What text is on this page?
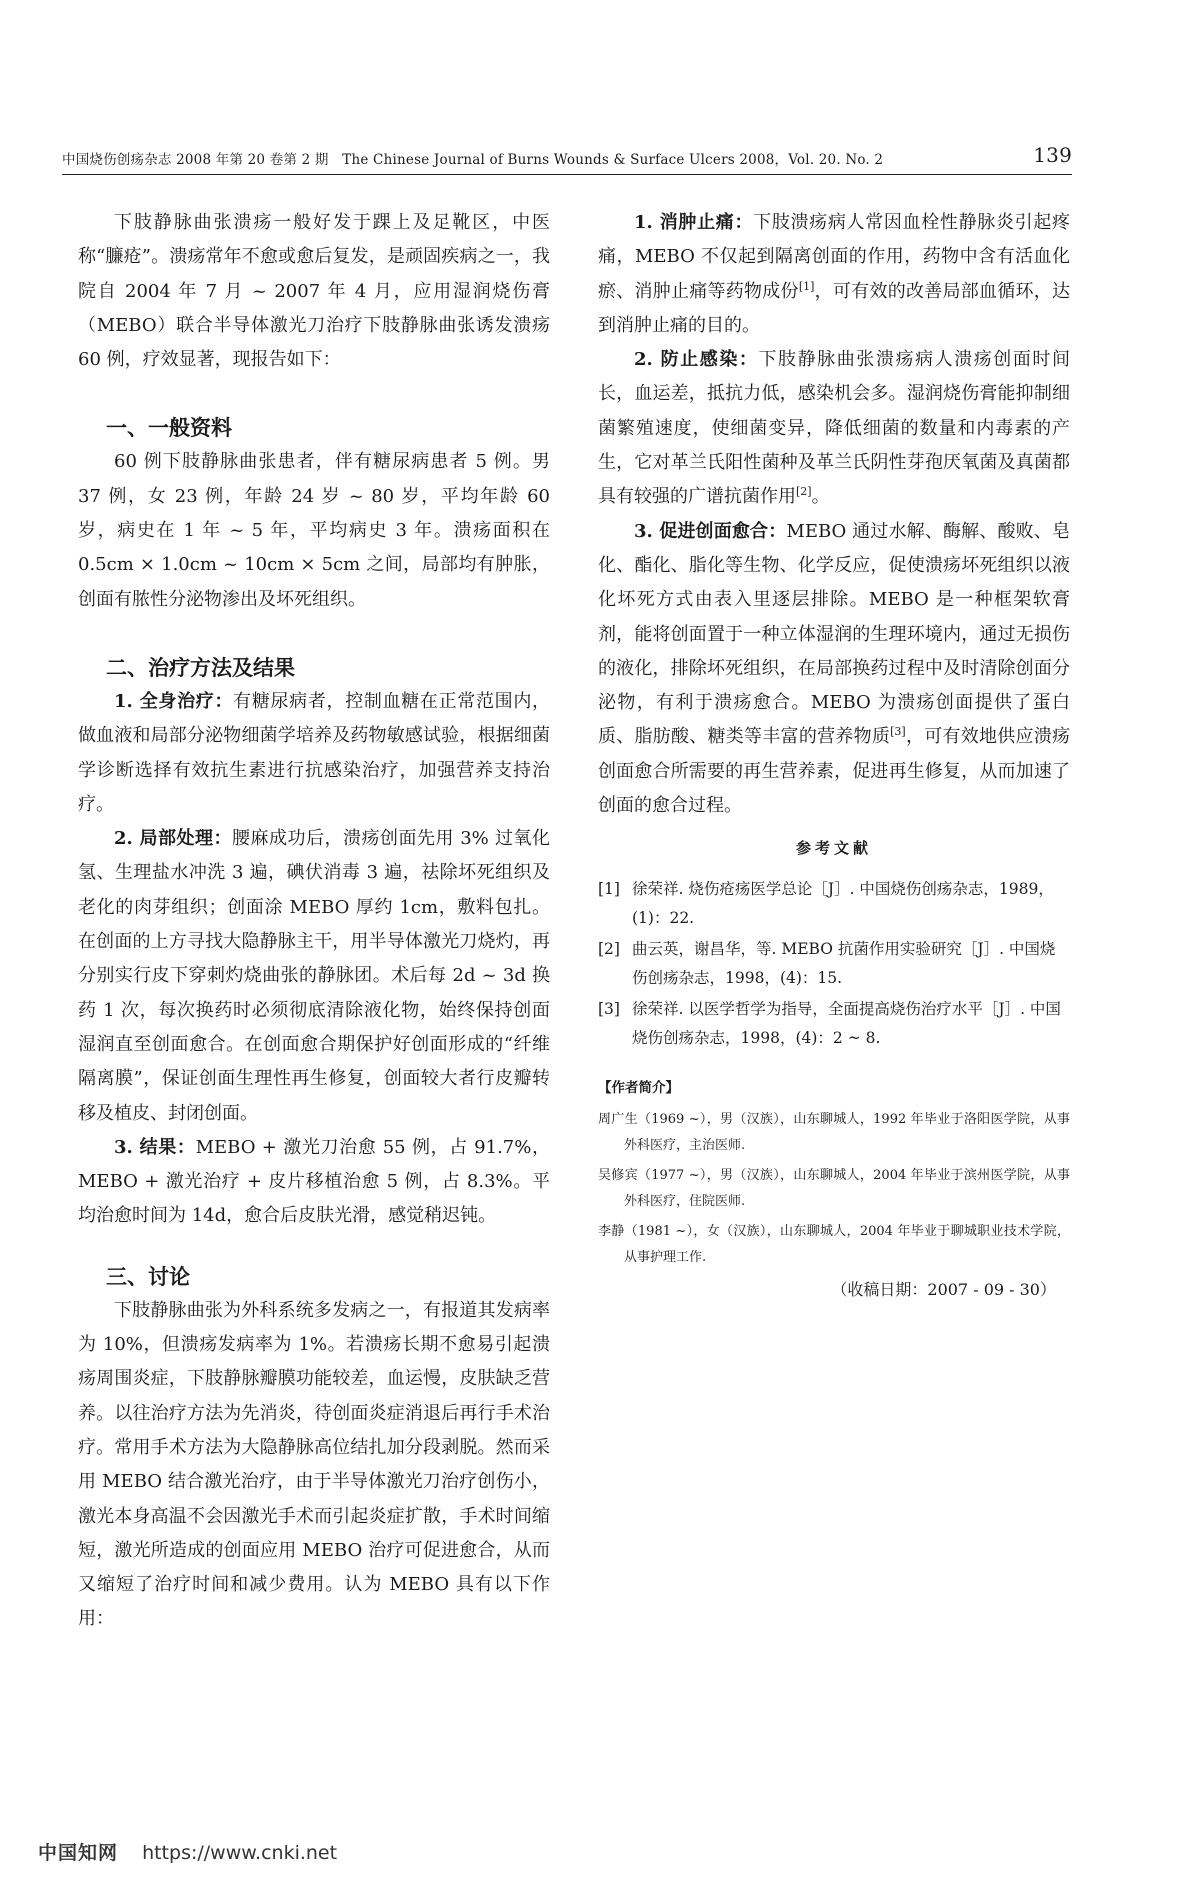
中国烧伤创疡杂志 2008 年第 20 卷第 2 期　The Chinese Journal of Burns Wounds & Surface Ulcers 2008，Vol. 20. No. 2	139

下肢静脉曲张溃疡一般好发于踝上及足靴区，中医称“臁疮”。溃疡常年不愈或愈后复发，是顽固疾病之一，我院自 2004 年 7 月 ~ 2007 年 4 月，应用湿润烧伤膏（MEBO）联合半导体激光刀治疗下肢静脉曲张诱发溃疡 60 例，疗效显著，现报告如下：

一、一般资料

60 例下肢静脉曲张患者，伴有糖尿病患者 5 例。男 37 例，女 23 例，年龄 24 岁 ~ 80 岁，平均年龄 60 岁，病史在 1 年 ~ 5 年，平均病史 3 年。溃疡面积在 0.5cm × 1.0cm ~ 10cm × 5cm 之间，局部均有肿胀，创面有脓性分泌物渗出及坏死组织。

二、治疗方法及结果

1. 全身治疗：有糖尿病者，控制血糖在正常范围内，做血液和局部分泌物细菌学培养及药物敏感试验，根据细菌学诊断选择有效抗生素进行抗感染治疗，加强营养支持治疗。

2. 局部处理：腰麻成功后，溃疡创面先用 3% 过氧化氢、生理盐水冲洗 3 遍，碘伏消毒 3 遍，祛除坏死组织及老化的肉芽组织；创面涂 MEBO 厚约 1cm，敷料包扎。在创面的上方寻找大隐静脉主干，用半导体激光刀烧灼，再分别实行皮下穿刺灼烧曲张的静脉团。术后每 2d ~ 3d 换药 1 次，每次换药时必须彻底清除液化物，始终保持创面湿润直至创面愈合。在创面愈合期保护好创面形成的“纤维隔离膜”，保证创面生理性再生修复，创面较大者行皮瓣转移及植皮、封闭创面。

3. 结果：MEBO + 激光刀治愈 55 例，占 91.7%，MEBO + 激光治疗 + 皮片移植治愈 5 例，占 8.3%。平均治愈时间为 14d，愈合后皮肤光滑，感觉稍迟钝。

三、讨论

下肢静脉曲张为外科系统多发病之一，有报道其发病率为 10%，但溃疡发病率为 1%。若溃疡长期不愈易引起溃疡周围炎症，下肢静脉瓣膜功能较差，血运慢，皮肤缺乏营养。以往治疗方法为先消炎，待创面炎症消退后再行手术治疗。常用手术方法为大隐静脉高位结扎加分段剥脱。然而采用 MEBO 结合激光治疗，由于半导体激光刀治疗创伤小，激光本身高温不会因激光手术而引起炎症扩散，手术时间缩短，激光所造成的创面应用 MEBO 治疗可促进愈合，从而又缩短了治疗时间和减少费用。认为 MEBO 具有以下作用：

1. 消肿止痛：下肢溃疡病人常因血栓性静脉炎引起疼痛，MEBO 不仅起到隔离创面的作用，药物中含有活血化瘀、消肿止痛等药物成份[1]，可有效的改善局部血循环，达到消肿止痛的目的。

2. 防止感染：下肢静脉曲张溃疡病人溃疡创面时间长，血运差，抵抗力低，感染机会多。湿润烧伤膏能抑制细菌繁殖速度，使细菌变异，降低细菌的数量和内毒素的产生，它对革兰氏阳性菌种及革兰氏阴性芽孢厌氧菌及真菌都具有较强的广谱抗菌作用[2]。

3. 促进创面愈合：MEBO 通过水解、酶解、酸败、皂化、酯化、脂化等生物、化学反应，促使溃疡坏死组织以液化坏死方式由表入里逐层排除。MEBO 是一种框架软膏剂，能将创面置于一种立体湿润的生理环境内，通过无损伤的液化，排除坏死组织，在局部换药过程中及时清除创面分泌物，有利于溃疡愈合。MEBO 为溃疡创面提供了蛋白质、脂肪酸、糖类等丰富的营养物质[3]，可有效地供应溃疡创面愈合所需要的再生营养素，促进再生修复，从而加速了创面的愈合过程。

参考文献
[1] 徐荣祥. 烧伤疮疡医学总论［J］. 中国烧伤创疡杂志，1989，(1)：22.
[2] 曲云英，谢昌华，等. MEBO 抗菌作用实验研究［J］. 中国烧伤创疡杂志，1998，(4)：15.
[3] 徐荣祥. 以医学哲学为指导，全面提高烧伤治疗水平［J］. 中国烧伤创疡杂志，1998，(4)：2 ~ 8.
【作者简介】
周广生（1969 ~），男（汉族），山东聊城人，1992 年毕业于洛阳医学院，从事外科医疗，主治医师.
吴修宾（1977 ~），男（汉族），山东聊城人，2004 年毕业于滨州医学院，从事外科医疗，住院医师.
李静（1981 ~），女（汉族），山东聊城人，2004 年毕业于聊城职业技术学院，从事护理工作.
（收稿日期：2007 - 09 - 30）
中国知网 https://www.cnki.net
